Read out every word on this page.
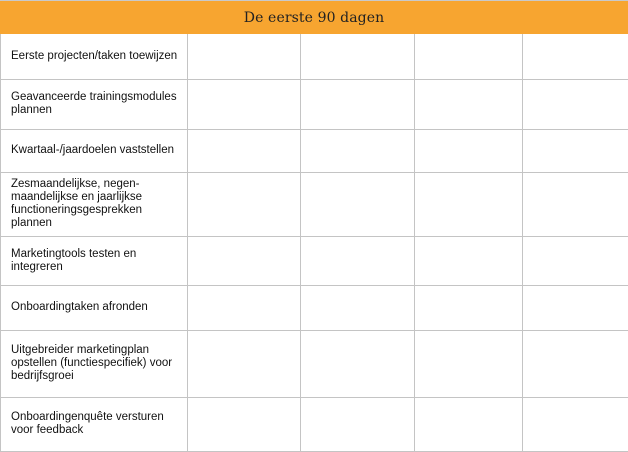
De eerste 90 dagen
Eerste projecten/taken toewijzen				
Geavanceerde trainingsmodules plannen				
Kwartaal-/jaardoelen vaststellen				
Zesmaandelijkse, negen-maandelijkse en jaarlijkse functioneringsgesprekken plannen				
Marketingtools testen en integreren				
Onboardingtaken afronden				
Uitgebreider marketingplan opstellen (functiespecifiek) voor bedrijfsgroei				
Onboardingenquête versturen voor feedback				
